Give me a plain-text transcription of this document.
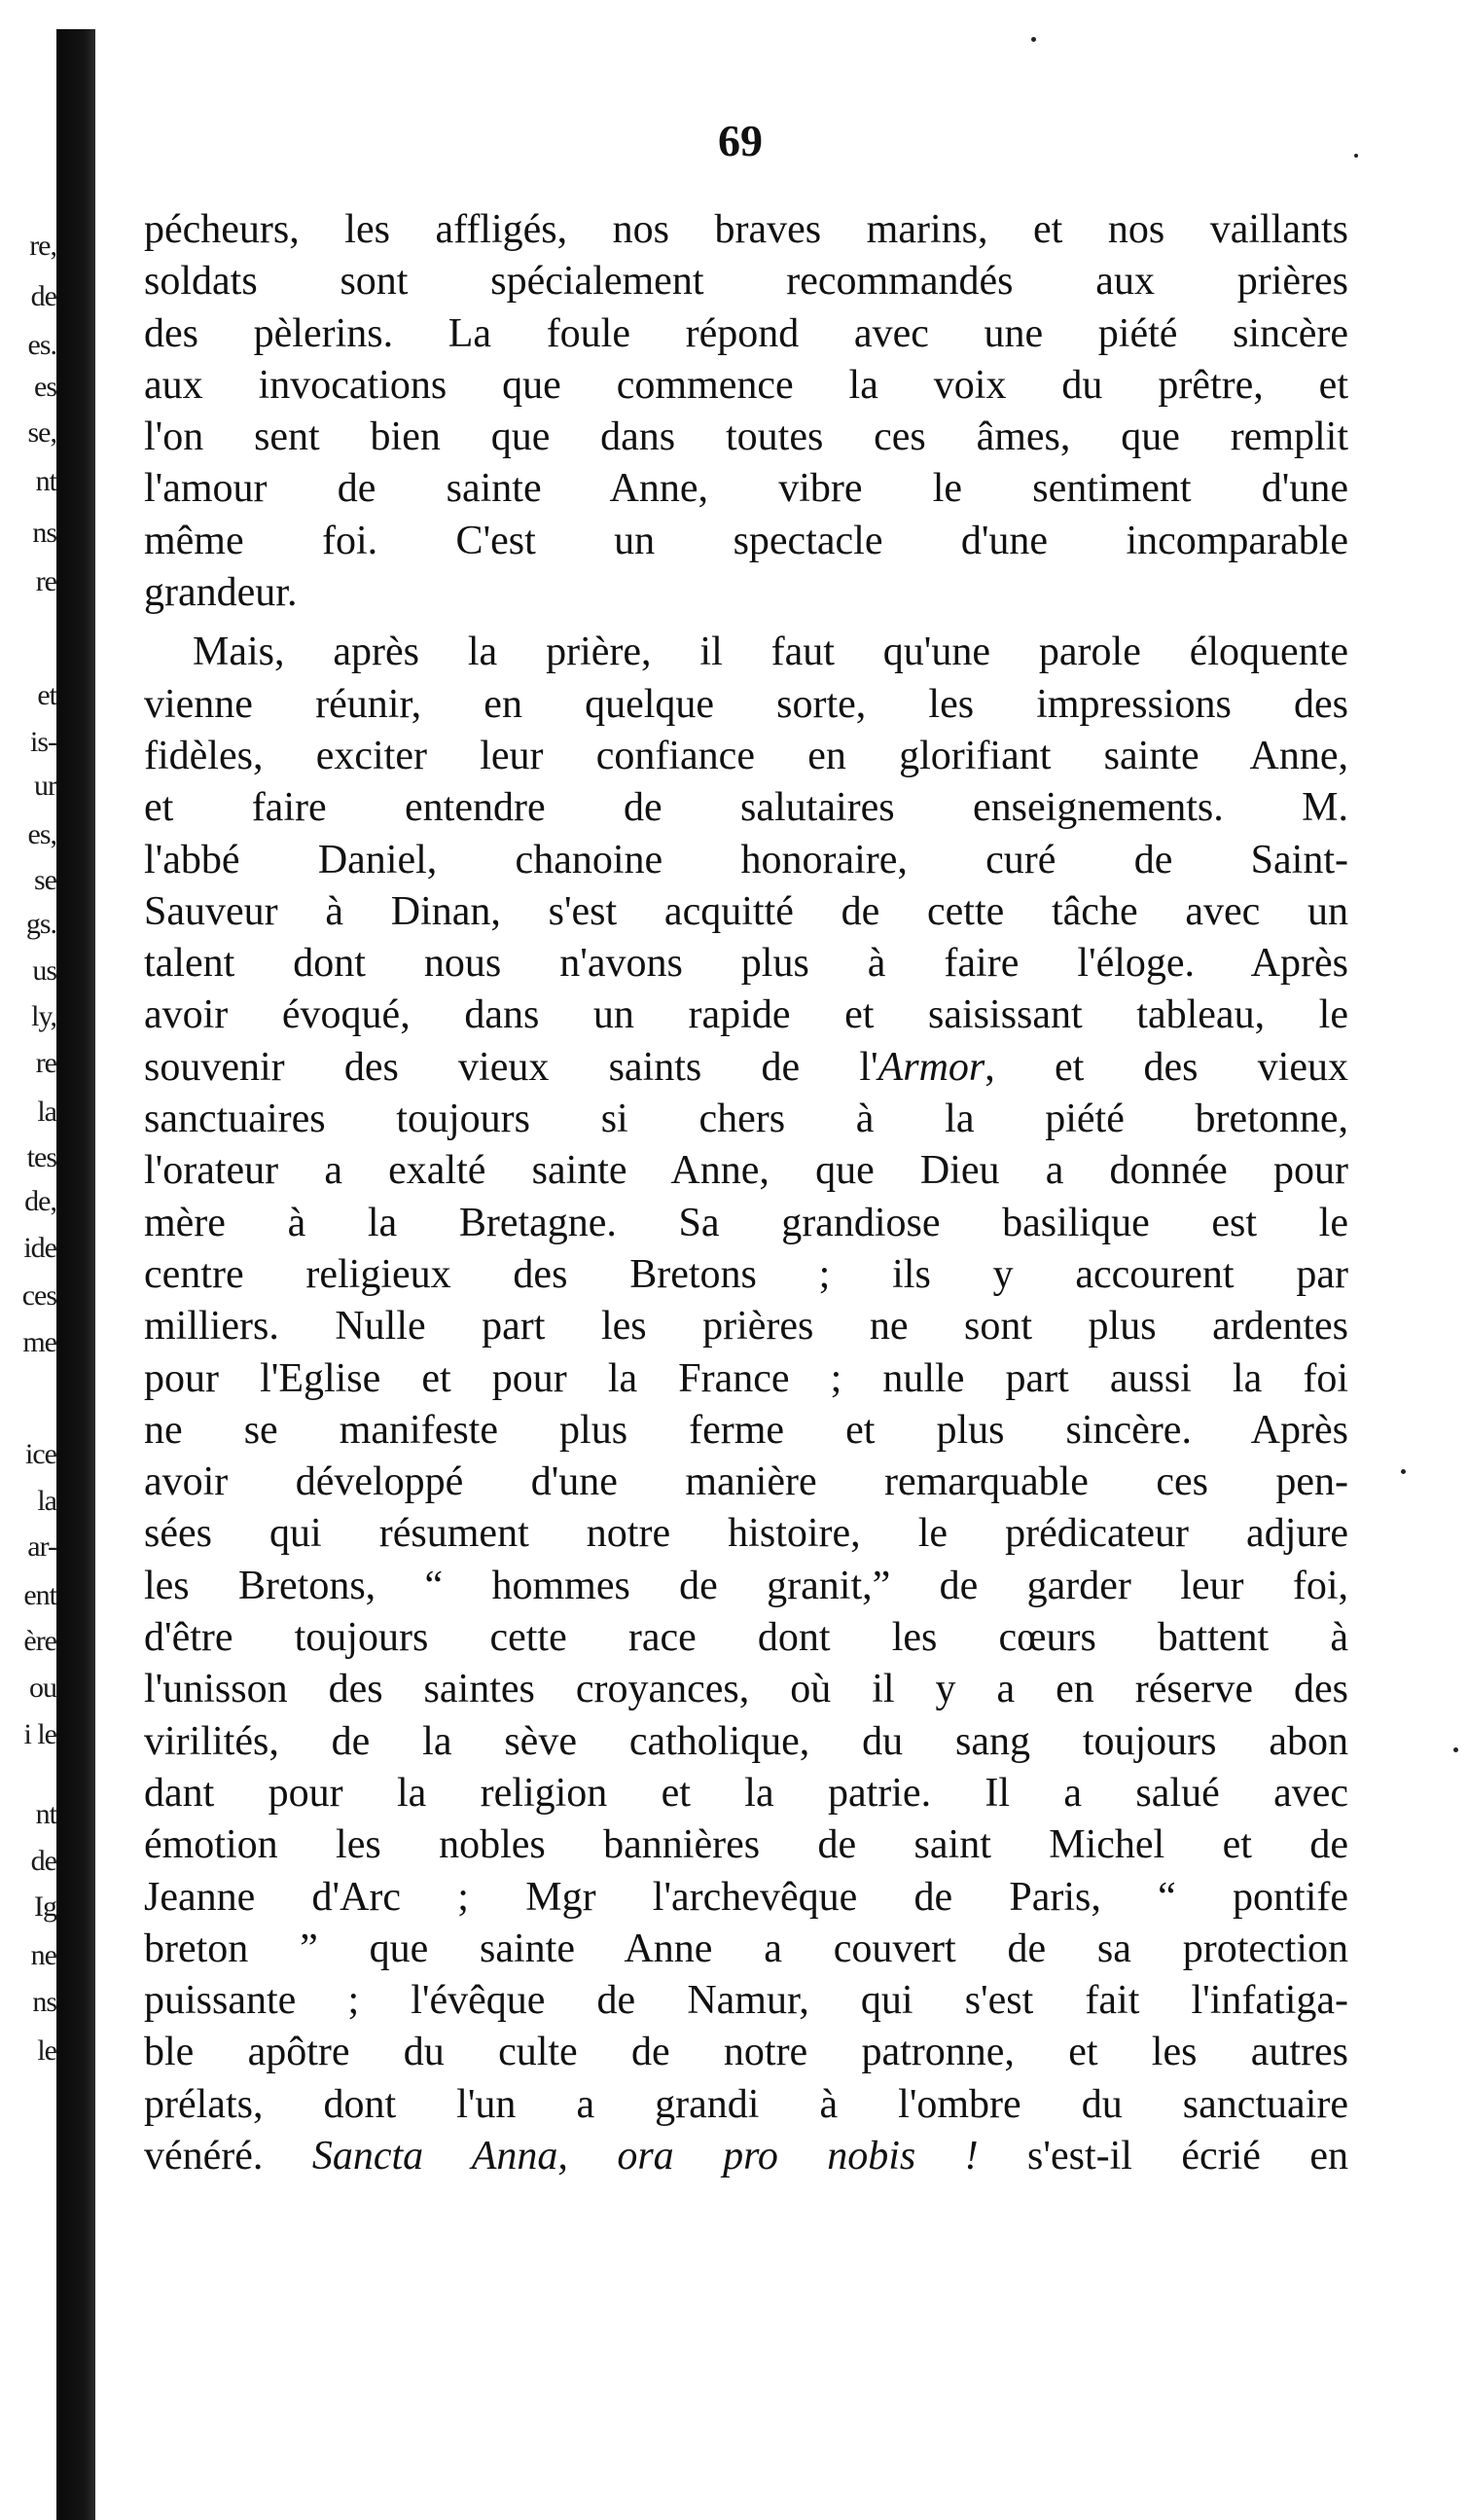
re,
de
es.
es
se,
nt
ns
re
et
is-
ur
es,
se
gs.
us
ly,
re
la
tes
de,
ide
ces
me
ice
la
ar-
ent
ère
ou
i le
nt
de
Ig
ne
ns
le
69
pécheurs, les affligés, nos braves marins, et nos vaillants
soldats sont spécialement recommandés aux prières
des pèlerins. La foule répond avec une piété sincère
aux invocations que commence la voix du prêtre, et
l'on sent bien que dans toutes ces âmes, que remplit
l'amour de sainte Anne, vibre le sentiment d'une
même foi. C'est un spectacle d'une incomparable
grandeur.
Mais, après la prière, il faut qu'une parole éloquente
vienne réunir, en quelque sorte, les impressions des
fidèles, exciter leur confiance en glorifiant sainte Anne,
et faire entendre de salutaires enseignements. M.
l'abbé Daniel, chanoine honoraire, curé de Saint-
Sauveur à Dinan, s'est acquitté de cette tâche avec un
talent dont nous n'avons plus à faire l'éloge. Après
avoir évoqué, dans un rapide et saisissant tableau, le
souvenir des vieux saints de l'Armor, et des vieux
sanctuaires toujours si chers à la piété bretonne,
l'orateur a exalté sainte Anne, que Dieu a donnée pour
mère à la Bretagne. Sa grandiose basilique est le
centre religieux des Bretons ; ils y accourent par
milliers. Nulle part les prières ne sont plus ardentes
pour l'Eglise et pour la France ; nulle part aussi la foi
ne se manifeste plus ferme et plus sincère. Après
avoir développé d'une manière remarquable ces pen-
sées qui résument notre histoire, le prédicateur adjure
les Bretons, “ hommes de granit,” de garder leur foi,
d'être toujours cette race dont les cœurs battent à
l'unisson des saintes croyances, où il y a en réserve des
virilités, de la sève catholique, du sang toujours abon
dant pour la religion et la patrie. Il a salué avec
émotion les nobles bannières de saint Michel et de
Jeanne d'Arc ; Mgr l'archevêque de Paris, “ pontife
breton ” que sainte Anne a couvert de sa protection
puissante ; l'évêque de Namur, qui s'est fait l'infatiga-
ble apôtre du culte de notre patronne, et les autres
prélats, dont l'un a grandi à l'ombre du sanctuaire
vénéré. Sancta Anna, ora pro nobis ! s'est-il écrié en
